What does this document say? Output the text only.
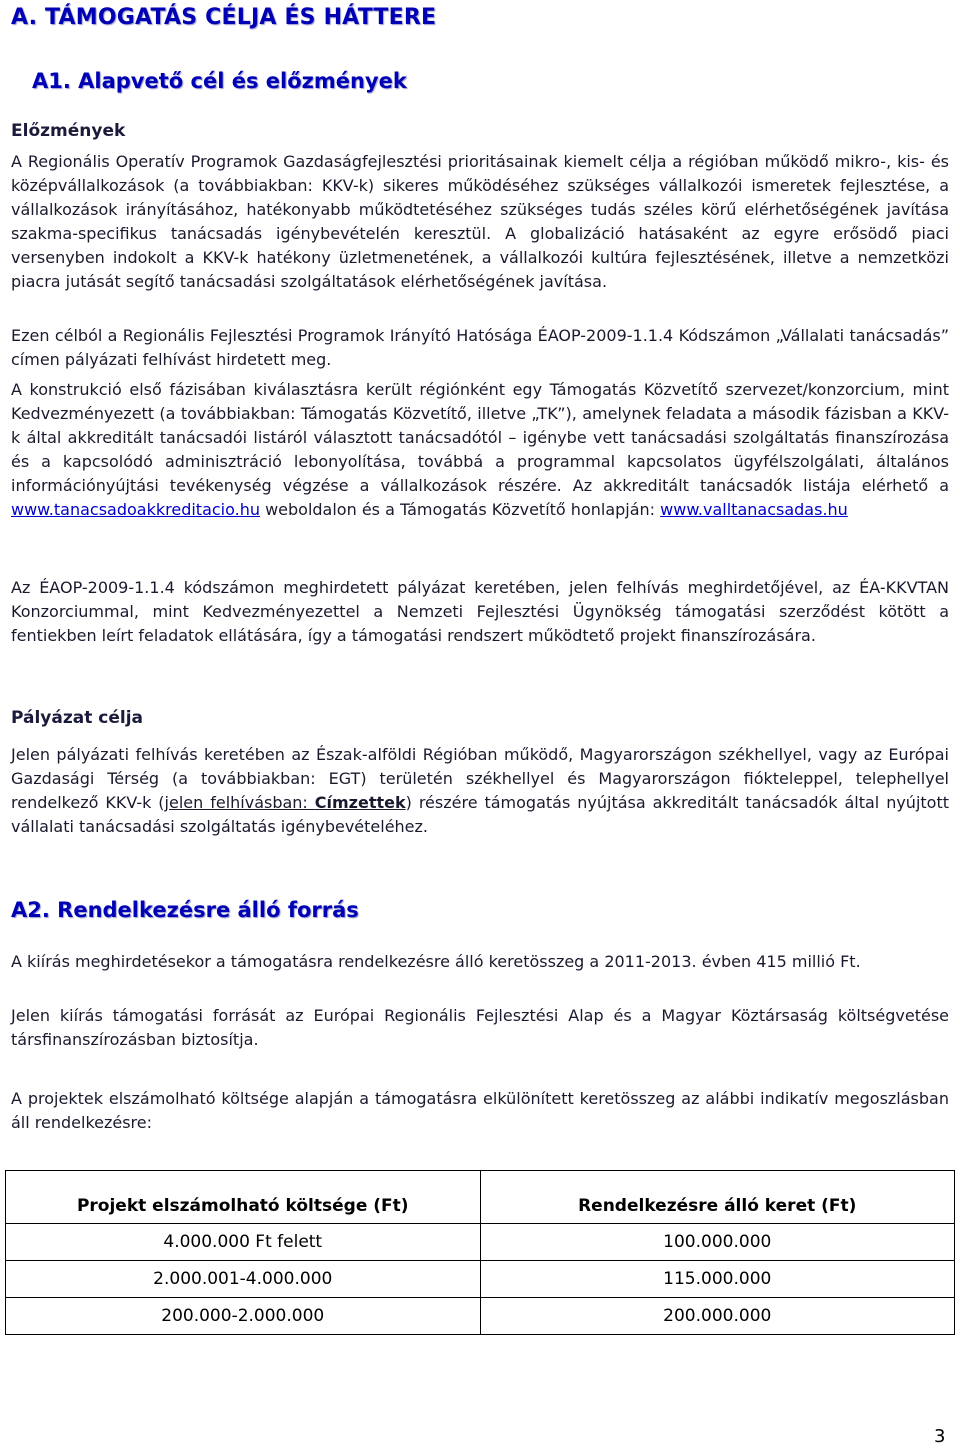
A. TÁMOGATÁS CÉLJA ÉS HÁTTERE
A1. Alapvető cél és előzmények
Előzmények
A Regionális Operatív Programok Gazdaságfejlesztési prioritásainak kiemelt célja a régióban működő mikro-, kis- és középvállalkozások (a továbbiakban: KKV-k) sikeres működéséhez szükséges vállalkozói ismeretek fejlesztése, a vállalkozások irányításához, hatékonyabb működtetéséhez szükséges tudás széles körű elérhetőségének javítása szakma-specifikus tanácsadás igénybevételén keresztül. A globalizáció hatásaként az egyre erősödő piaci versenyben indokolt a KKV-k hatékony üzletmenetének, a vállalkozói kultúra fejlesztésének, illetve a nemzetközi piacra jutását segítő tanácsadási szolgáltatások elérhetőségének javítása.
Ezen célból a Regionális Fejlesztési Programok Irányító Hatósága ÉAOP-2009-1.1.4 Kódszámon „Vállalati tanácsadás” címen pályázati felhívást hirdetett meg.
A konstrukció első fázisában kiválasztásra került régiónként egy Támogatás Közvetítő szervezet/konzorcium, mint Kedvezményezett (a továbbiakban: Támogatás Közvetítő, illetve „TK”), amelynek feladata a második fázisban a KKV-k által akkreditált tanácsadói listáról választott tanácsadótól – igénybe vett tanácsadási szolgáltatás finanszírozása és a kapcsolódó adminisztráció lebonyolítása, továbbá a programmal kapcsolatos ügyfélszolgálati, általános információnyújtási tevékenység végzése a vállalkozások részére. Az akkreditált tanácsadók listája elérhető a www.tanacsadoakkreditacio.hu weboldalon és a Támogatás Közvetítő honlapján: www.valltanacsadas.hu
Az ÉAOP-2009-1.1.4 kódszámon meghirdetett pályázat keretében, jelen felhívás meghirdetőjével, az ÉA-KKVTAN Konzorciummal, mint Kedvezményezettel a Nemzeti Fejlesztési Ügynökség támogatási szerződést kötött a fentiekben leírt feladatok ellátására, így a támogatási rendszert működtető projekt finanszírozására.
Pályázat célja
Jelen pályázati felhívás keretében az Észak-alföldi Régióban működő, Magyarországon székhellyel, vagy az Európai Gazdasági Térség (a továbbiakban: EGT) területén székhellyel és Magyarországon fiókteleppel, telephellyel rendelkező KKV-k (jelen felhívásban: Címzettek) részére támogatás nyújtása akkreditált tanácsadók által nyújtott vállalati tanácsadási szolgáltatás igénybevételéhez.
A2. Rendelkezésre álló forrás
A kiírás meghirdetésekor a támogatásra rendelkezésre álló keretösszeg a 2011-2013. évben 415 millió Ft.
Jelen kiírás támogatási forrását az Európai Regionális Fejlesztési Alap és a Magyar Köztársaság költségvetése társfinanszírozásban biztosítja.
A projektek elszámolható költsége alapján a támogatásra elkülönített keretösszeg az alábbi indikatív megoszlásban áll rendelkezésre:

Projekt elszámolható költsége (Ft)	Rendelkezésre álló keret (Ft)
4.000.000 Ft felett	100.000.000
2.000.001-4.000.000	115.000.000
200.000-2.000.000	200.000.000
3
